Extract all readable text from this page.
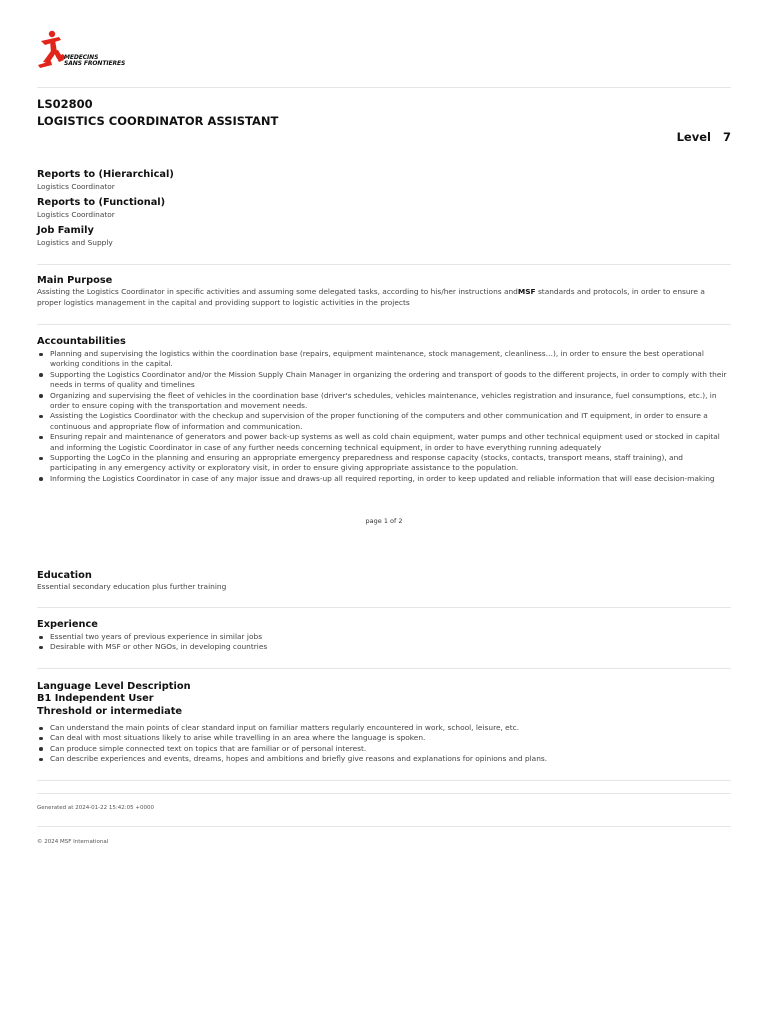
MEDECINS
SANS FRONTIERES
LS02800
LOGISTICS COORDINATOR ASSISTANT
Level 7
Reports to (Hierarchical)
Logistics Coordinator
Reports to (Functional)
Logistics Coordinator
Job Family
Logistics and Supply
Main Purpose
Assisting the Logistics Coordinator in specific activities and assuming some delegated tasks, according to his/her instructions andMSF standards and protocols, in order to ensure a proper logistics management in the capital and providing support to logistic activities in the projects
Accountabilities
Planning and supervising the logistics within the coordination base (repairs, equipment maintenance, stock management, cleanliness…), in order to ensure the best operational working conditions in the capital.
Supporting the Logistics Coordinator and/or the Mission Supply Chain Manager in organizing the ordering and transport of goods to the different projects, in order to comply with their needs in terms of quality and timelines
Organizing and supervising the fleet of vehicles in the coordination base (driver's schedules, vehicles maintenance, vehicles registration and insurance, fuel consumptions, etc.), in order to ensure coping with the transportation and movement needs.
Assisting the Logistics Coordinator with the checkup and supervision of the proper functioning of the computers and other communication and IT equipment, in order to ensure a continuous and appropriate flow of information and communication.
Ensuring repair and maintenance of generators and power back-up systems as well as cold chain equipment, water pumps and other technical equipment used or stocked in capital and informing the Logistic Coordinator in case of any further needs concerning technical equipment, in order to have everything running adequately
Supporting the LogCo in the planning and ensuring an appropriate emergency preparedness and response capacity (stocks, contacts, transport means, staff training), and participating in any emergency activity or exploratory visit, in order to ensure giving appropriate assistance to the population.
Informing the Logistics Coordinator in case of any major issue and draws-up all required reporting, in order to keep updated and reliable information that will ease decision-making
page 1 of 2
Education
Essential secondary education plus further training
Experience
Essential two years of previous experience in similar jobs
Desirable with MSF or other NGOs, in developing countries
Language Level Description
B1 Independent User
Threshold or intermediate
Can understand the main points of clear standard input on familiar matters regularly encountered in work, school, leisure, etc.
Can deal with most situations likely to arise while travelling in an area where the language is spoken.
Can produce simple connected text on topics that are familiar or of personal interest.
Can describe experiences and events, dreams, hopes and ambitions and briefly give reasons and explanations for opinions and plans.
Generated at 2024-01-22 15:42:05 +0000
© 2024 MSF International
